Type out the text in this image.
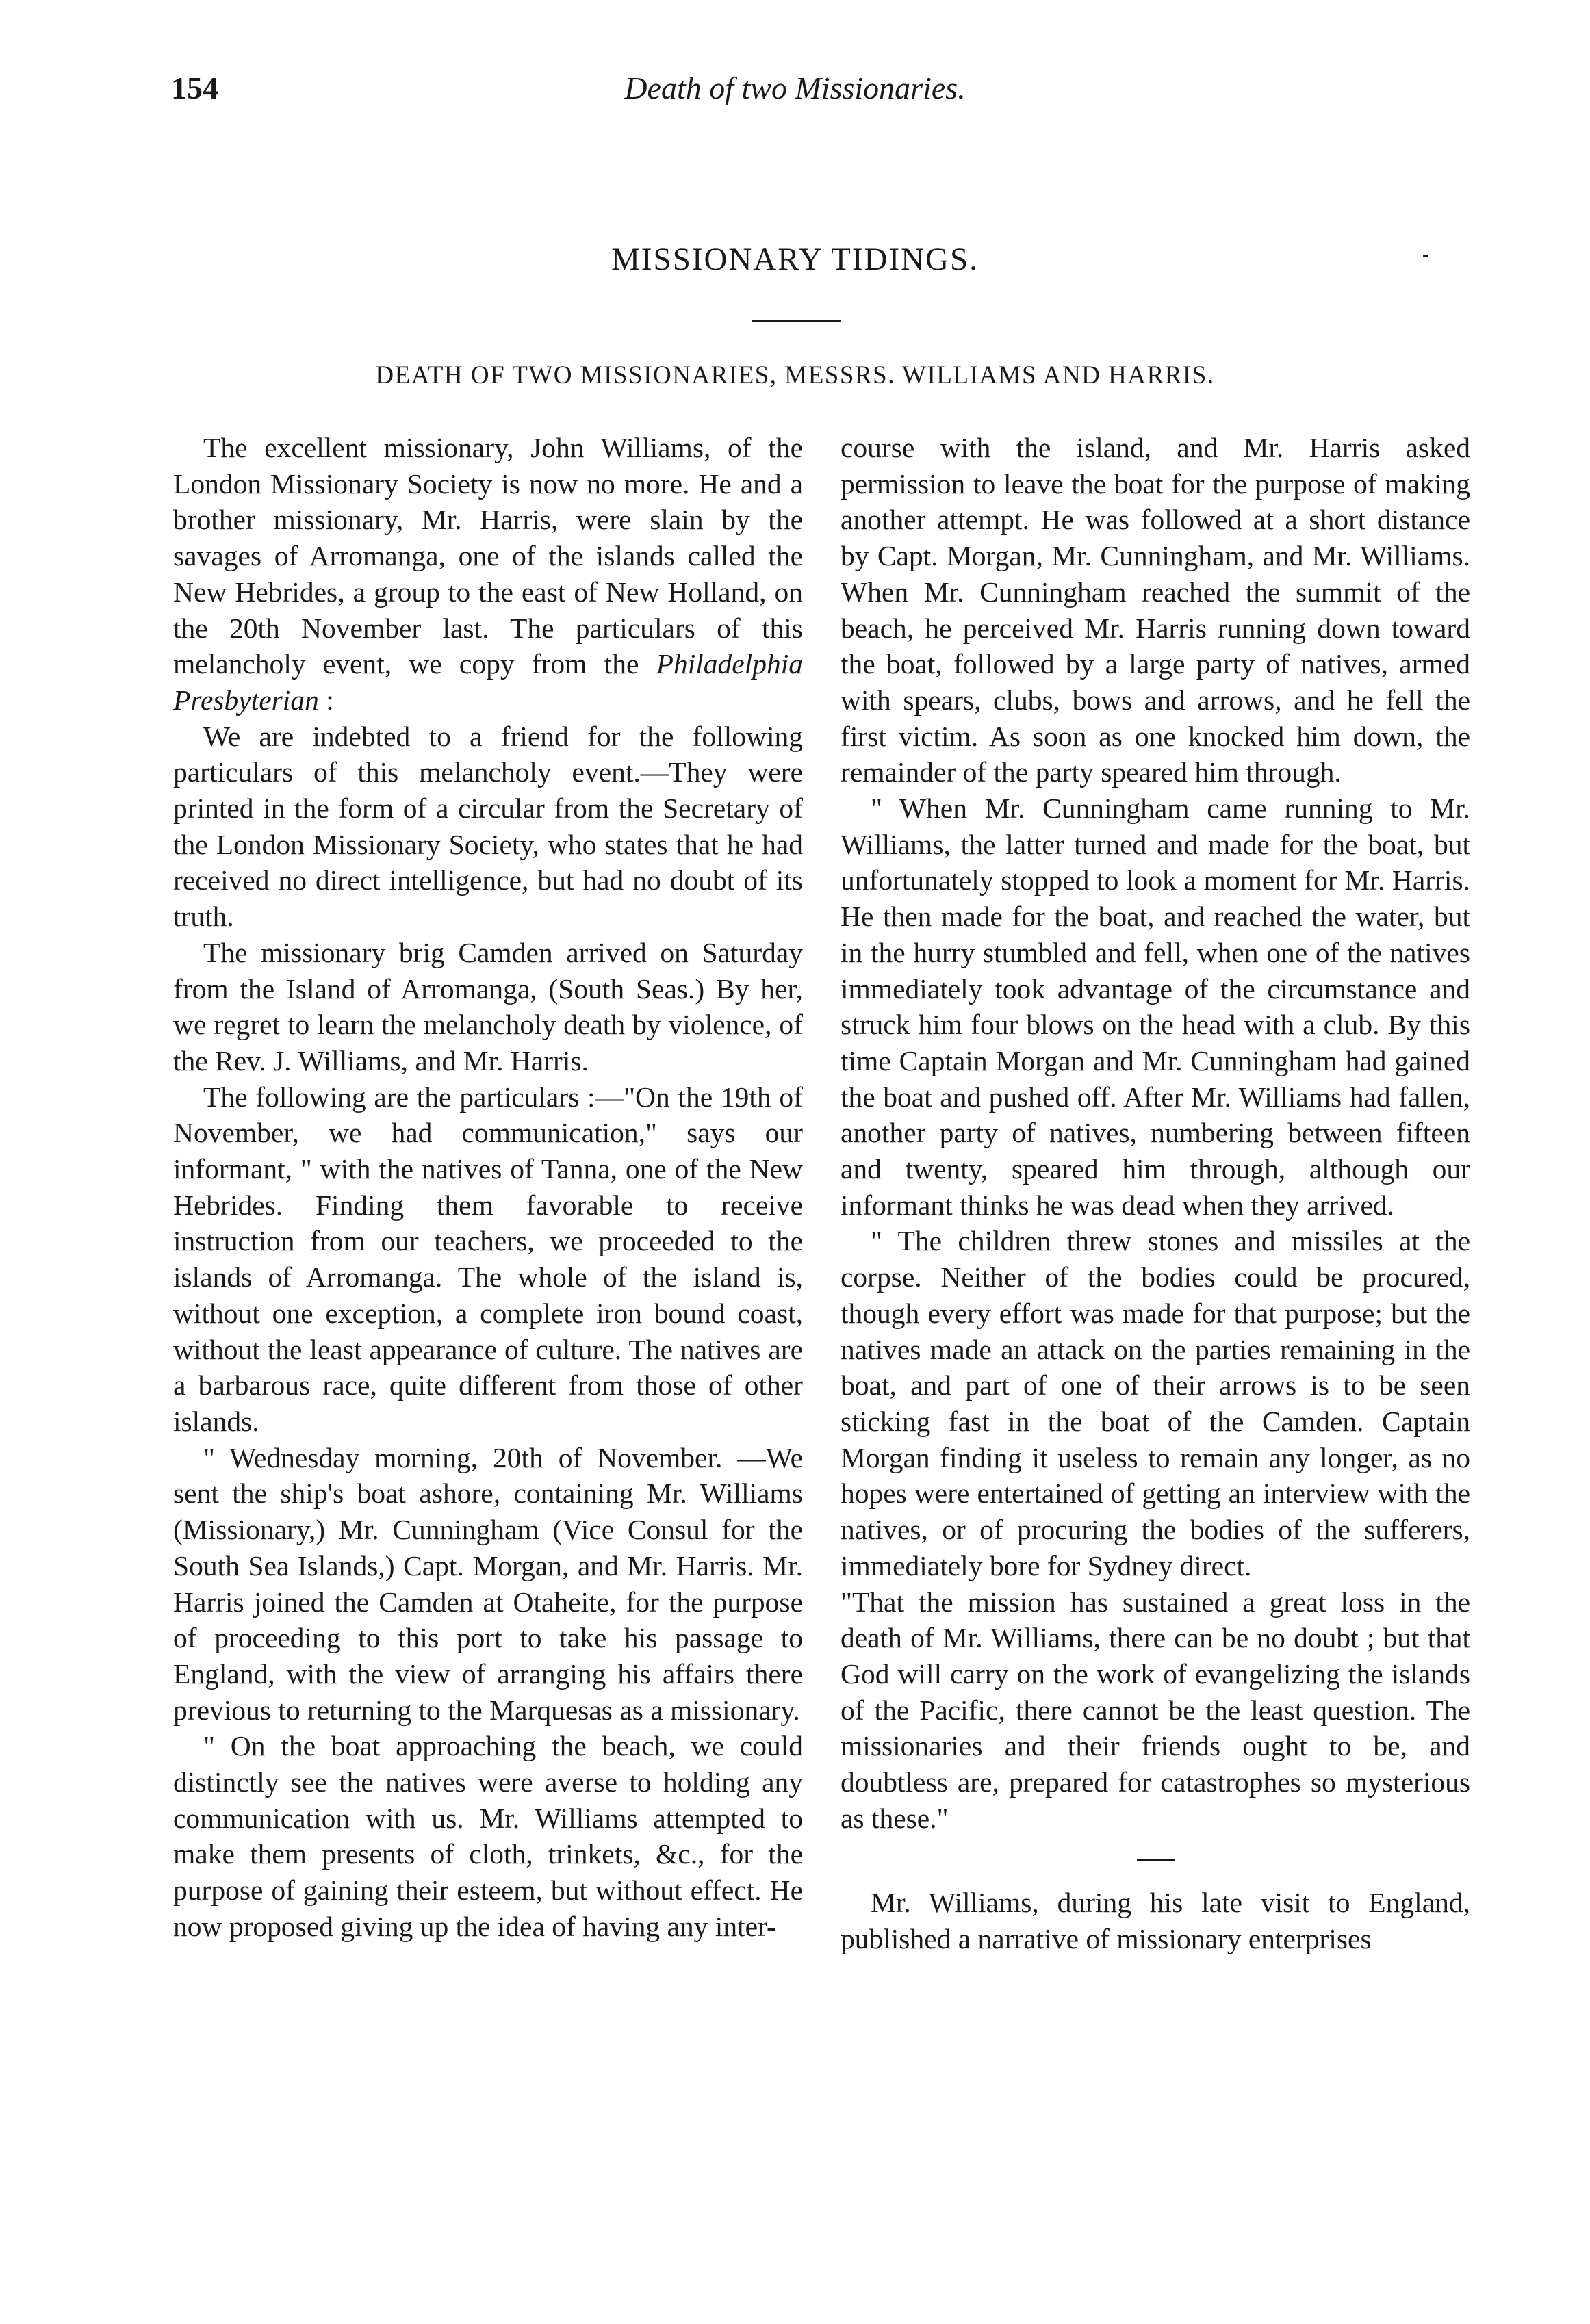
154	Death of two Missionaries.
MISSIONARY TIDINGS.	-
DEATH OF TWO MISSIONARIES, MESSRS. WILLIAMS AND HARRIS.

The excellent missionary, John Williams, of the London Missionary Society is now no more. He and a brother missionary, Mr. Harris, were slain by the savages of Arromanga, one of the islands called the New Hebrides, a group to the east of New Holland, on the 20th November last. The particulars of this melancholy event, we copy from the Philadelphia Presbyterian :

We are indebted to a friend for the following particulars of this melancholy event.—They were printed in the form of a circular from the Secretary of the London Missionary Society, who states that he had received no direct intelligence, but had no doubt of its truth.

The missionary brig Camden arrived on Saturday from the Island of Arromanga, (South Seas.) By her, we regret to learn the melancholy death by violence, of the Rev. J. Williams, and Mr. Harris.

The following are the particulars :—"On the 19th of November, we had communication," says our informant, " with the natives of Tanna, one of the New Hebrides. Finding them favorable to receive instruction from our teachers, we proceeded to the islands of Arromanga. The whole of the island is, without one exception, a complete iron bound coast, without the least appearance of culture. The natives are a barbarous race, quite different from those of other islands.

" Wednesday morning, 20th of November. —We sent the ship's boat ashore, containing Mr. Williams (Missionary,) Mr. Cunningham (Vice Consul for the South Sea Islands,) Capt. Morgan, and Mr. Harris. Mr. Harris joined the Camden at Otaheite, for the purpose of proceeding to this port to take his passage to England, with the view of arranging his affairs there previous to returning to the Marquesas as a missionary.

" On the boat approaching the beach, we could distinctly see the natives were averse to holding any communication with us. Mr. Williams attempted to make them presents of cloth, trinkets, &c., for the purpose of gaining their esteem, but without effect. He now proposed giving up the idea of having any inter-

course with the island, and Mr. Harris asked permission to leave the boat for the purpose of making another attempt. He was followed at a short distance by Capt. Morgan, Mr. Cunningham, and Mr. Williams. When Mr. Cunningham reached the summit of the beach, he perceived Mr. Harris running down toward the boat, followed by a large party of natives, armed with spears, clubs, bows and arrows, and he fell the first victim. As soon as one knocked him down, the remainder of the party speared him through.

" When Mr. Cunningham came running to Mr. Williams, the latter turned and made for the boat, but unfortunately stopped to look a moment for Mr. Harris. He then made for the boat, and reached the water, but in the hurry stumbled and fell, when one of the natives immediately took advantage of the circumstance and struck him four blows on the head with a club. By this time Captain Morgan and Mr. Cunningham had gained the boat and pushed off. After Mr. Williams had fallen, another party of natives, numbering between fifteen and twenty, speared him through, although our informant thinks he was dead when they arrived.

" The children threw stones and missiles at the corpse. Neither of the bodies could be procured, though every effort was made for that purpose; but the natives made an attack on the parties remaining in the boat, and part of one of their arrows is to be seen sticking fast in the boat of the Camden. Captain Morgan finding it useless to remain any longer, as no hopes were entertained of getting an interview with the natives, or of procuring the bodies of the sufferers, immediately bore for Sydney direct.

"That the mission has sustained a great loss in the death of Mr. Williams, there can be no doubt ; but that God will carry on the work of evangelizing the islands of the Pacific, there cannot be the least question. The missionaries and their friends ought to be, and doubtless are, prepared for catastrophes so mysterious as these."

Mr. Williams, during his late visit to England, published a narrative of missionary enterprises
